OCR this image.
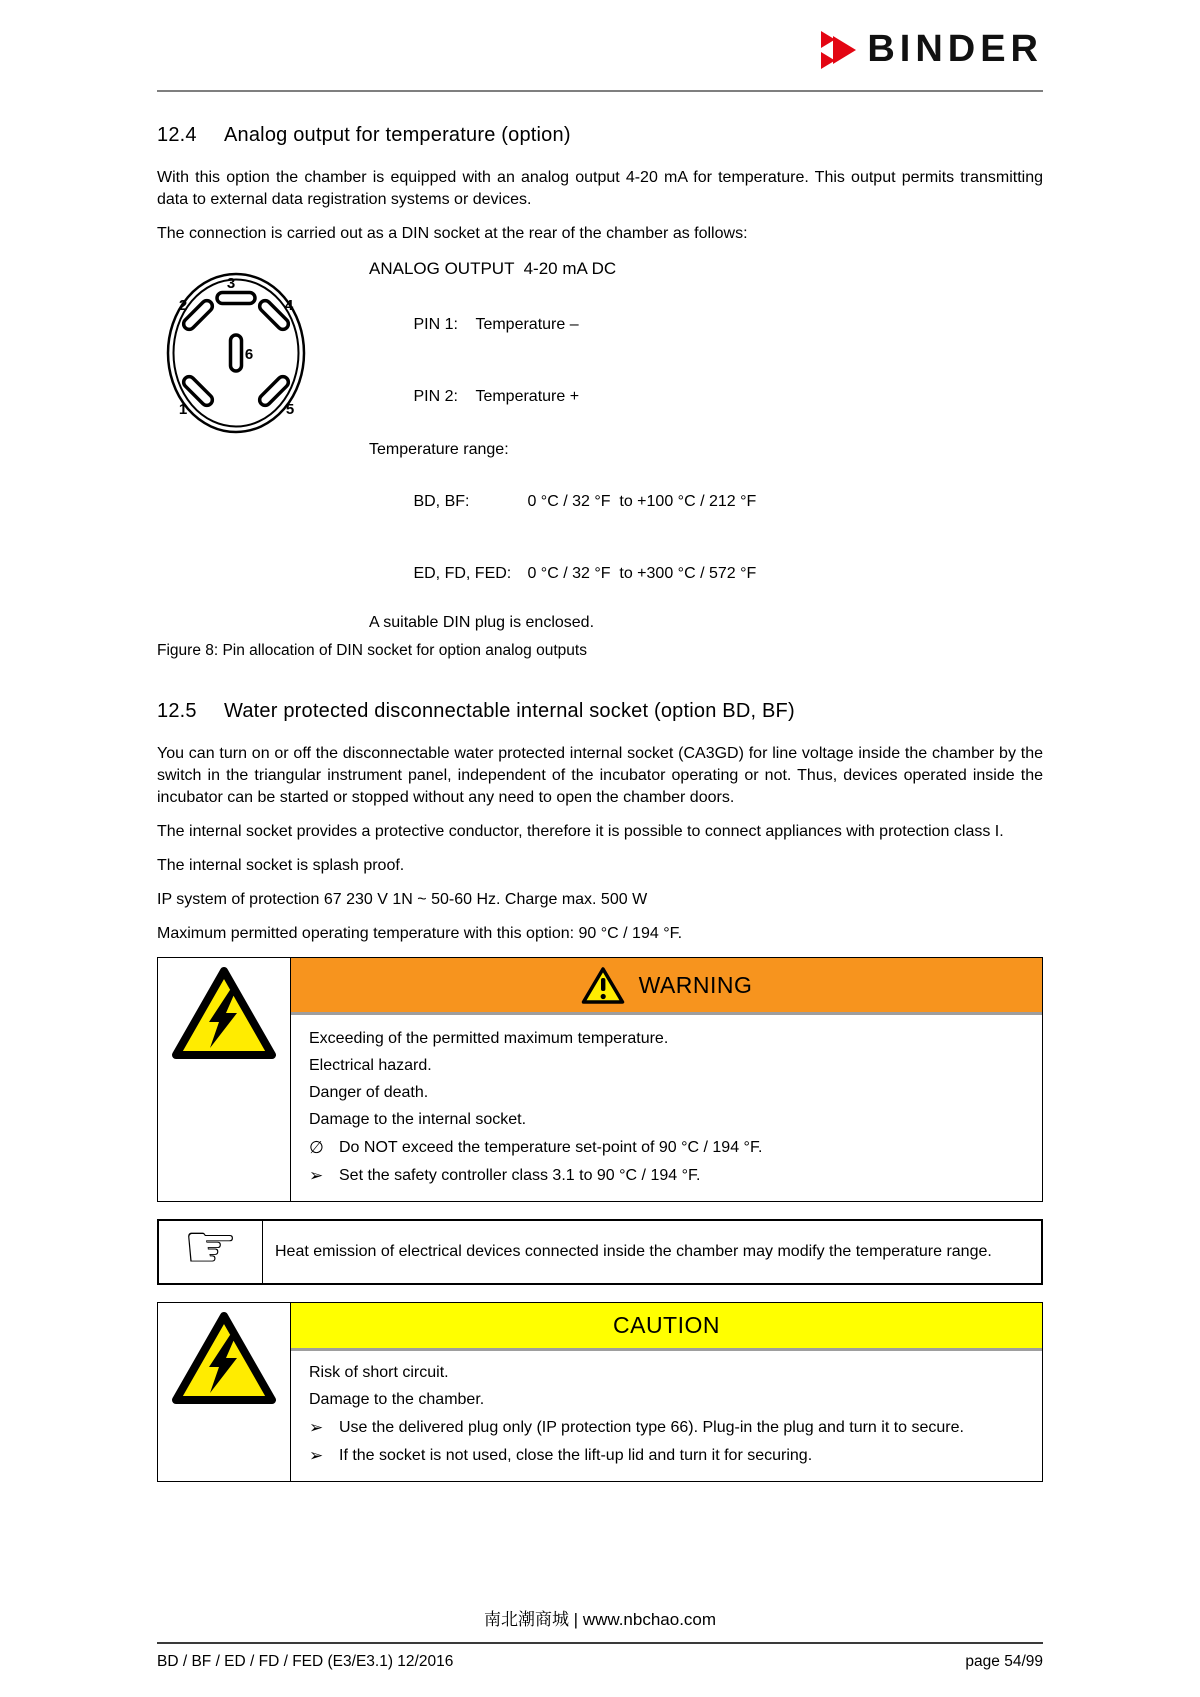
BINDER
12.4 Analog output for temperature (option)

With this option the chamber is equipped with an analog output 4-20 mA for temperature. This output permits transmitting data to external data registration systems or devices.

The connection is carried out as a DIN socket at the rear of the chamber as follows:

3
2	4
6
1	5
ANALOG OUTPUT  4-20 mA DC

PIN 1: Temperature –

PIN 2: Temperature +

Temperature range:

BD, BF:	0 °C / 32 °F  to +100 °C / 212 °F

ED, FD, FED: 0 °C / 32 °F  to +300 °C / 572 °F

A suitable DIN plug is enclosed.

Figure 8: Pin allocation of DIN socket for option analog outputs

12.5 Water protected disconnectable internal socket (option BD, BF)

You can turn on or off the disconnectable water protected internal socket (CA3GD) for line voltage inside the chamber by the switch in the triangular instrument panel, independent of the incubator operating or not. Thus, devices operated inside the incubator can be started or stopped without any need to open the chamber doors.

The internal socket provides a protective conductor, therefore it is possible to connect appliances with protection class I.

The internal socket is splash proof.

IP system of protection 67 230 V 1N ~ 50-60 Hz. Charge max. 500 W

Maximum permitted operating temperature with this option: 90 °C / 194 °F.

WARNING
Exceeding of the permitted maximum temperature.
Electrical hazard.
Danger of death.
Damage to the internal socket.
∅ Do NOT exceed the temperature set-point of 90 °C / 194 °F.
➢ Set the safety controller class 3.1 to 90 °C / 194 °F.
☞ Heat emission of electrical devices connected inside the chamber may modify the temperature range.
CAUTION
Risk of short circuit.
Damage to the chamber.
➢ Use the delivered plug only (IP protection type 66). Plug-in the plug and turn it to secure.
➢ If the socket is not used, close the lift-up lid and turn it for securing.
南北潮商城 | www.nbchao.com
BD / BF / ED / FD / FED (E3/E3.1) 12/2016	page 54/99
